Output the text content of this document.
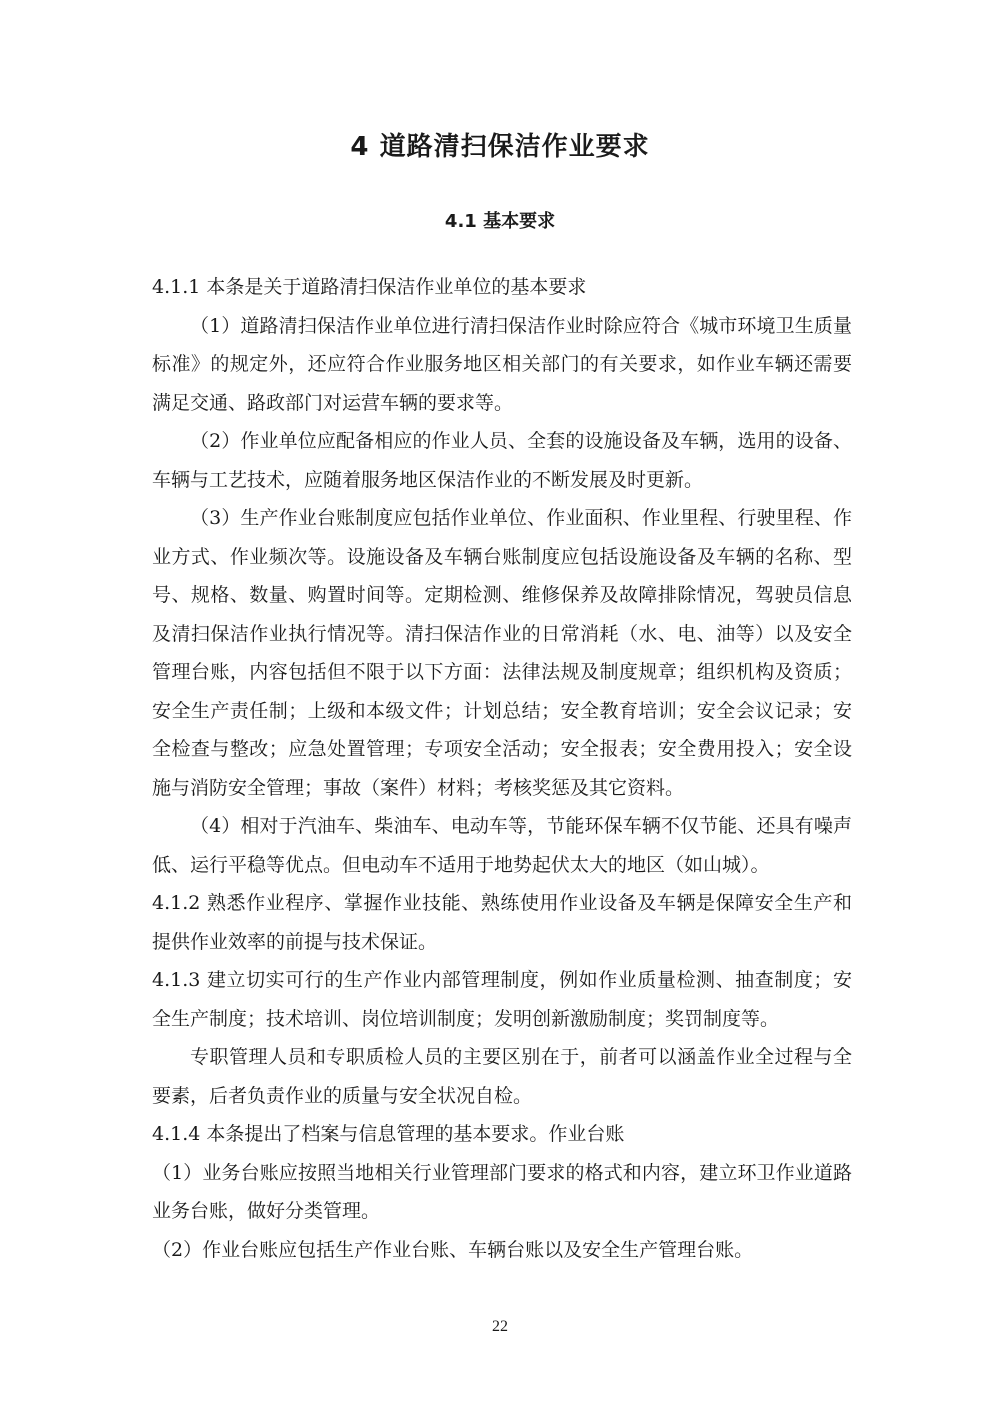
4 道路清扫保洁作业要求
4.1 基本要求

4.1.1 本条是关于道路清扫保洁作业单位的基本要求

（1）道路清扫保洁作业单位进行清扫保洁作业时除应符合《城市环境卫生质量标准》的规定外，还应符合作业服务地区相关部门的有关要求，如作业车辆还需要满足交通、路政部门对运营车辆的要求等。

（2）作业单位应配备相应的作业人员、全套的设施设备及车辆，选用的设备、车辆与工艺技术，应随着服务地区保洁作业的不断发展及时更新。

（3）生产作业台账制度应包括作业单位、作业面积、作业里程、行驶里程、作业方式、作业频次等。设施设备及车辆台账制度应包括设施设备及车辆的名称、型号、规格、数量、购置时间等。定期检测、维修保养及故障排除情况，驾驶员信息及清扫保洁作业执行情况等。清扫保洁作业的日常消耗（水、电、油等）以及安全管理台账，内容包括但不限于以下方面：法律法规及制度规章；组织机构及资质；安全生产责任制；上级和本级文件；计划总结；安全教育培训；安全会议记录；安全检查与整改；应急处置管理；专项安全活动；安全报表；安全费用投入；安全设施与消防安全管理；事故（案件）材料；考核奖惩及其它资料。

（4）相对于汽油车、柴油车、电动车等，节能环保车辆不仅节能、还具有噪声低、运行平稳等优点。但电动车不适用于地势起伏太大的地区（如山城）。

4.1.2 熟悉作业程序、掌握作业技能、熟练使用作业设备及车辆是保障安全生产和提供作业效率的前提与技术保证。

4.1.3 建立切实可行的生产作业内部管理制度，例如作业质量检测、抽查制度；安全生产制度；技术培训、岗位培训制度；发明创新激励制度；奖罚制度等。

专职管理人员和专职质检人员的主要区别在于，前者可以涵盖作业全过程与全要素，后者负责作业的质量与安全状况自检。

4.1.4 本条提出了档案与信息管理的基本要求。作业台账

（1）业务台账应按照当地相关行业管理部门要求的格式和内容，建立环卫作业道路业务台账，做好分类管理。

（2）作业台账应包括生产作业台账、车辆台账以及安全生产管理台账。

22
